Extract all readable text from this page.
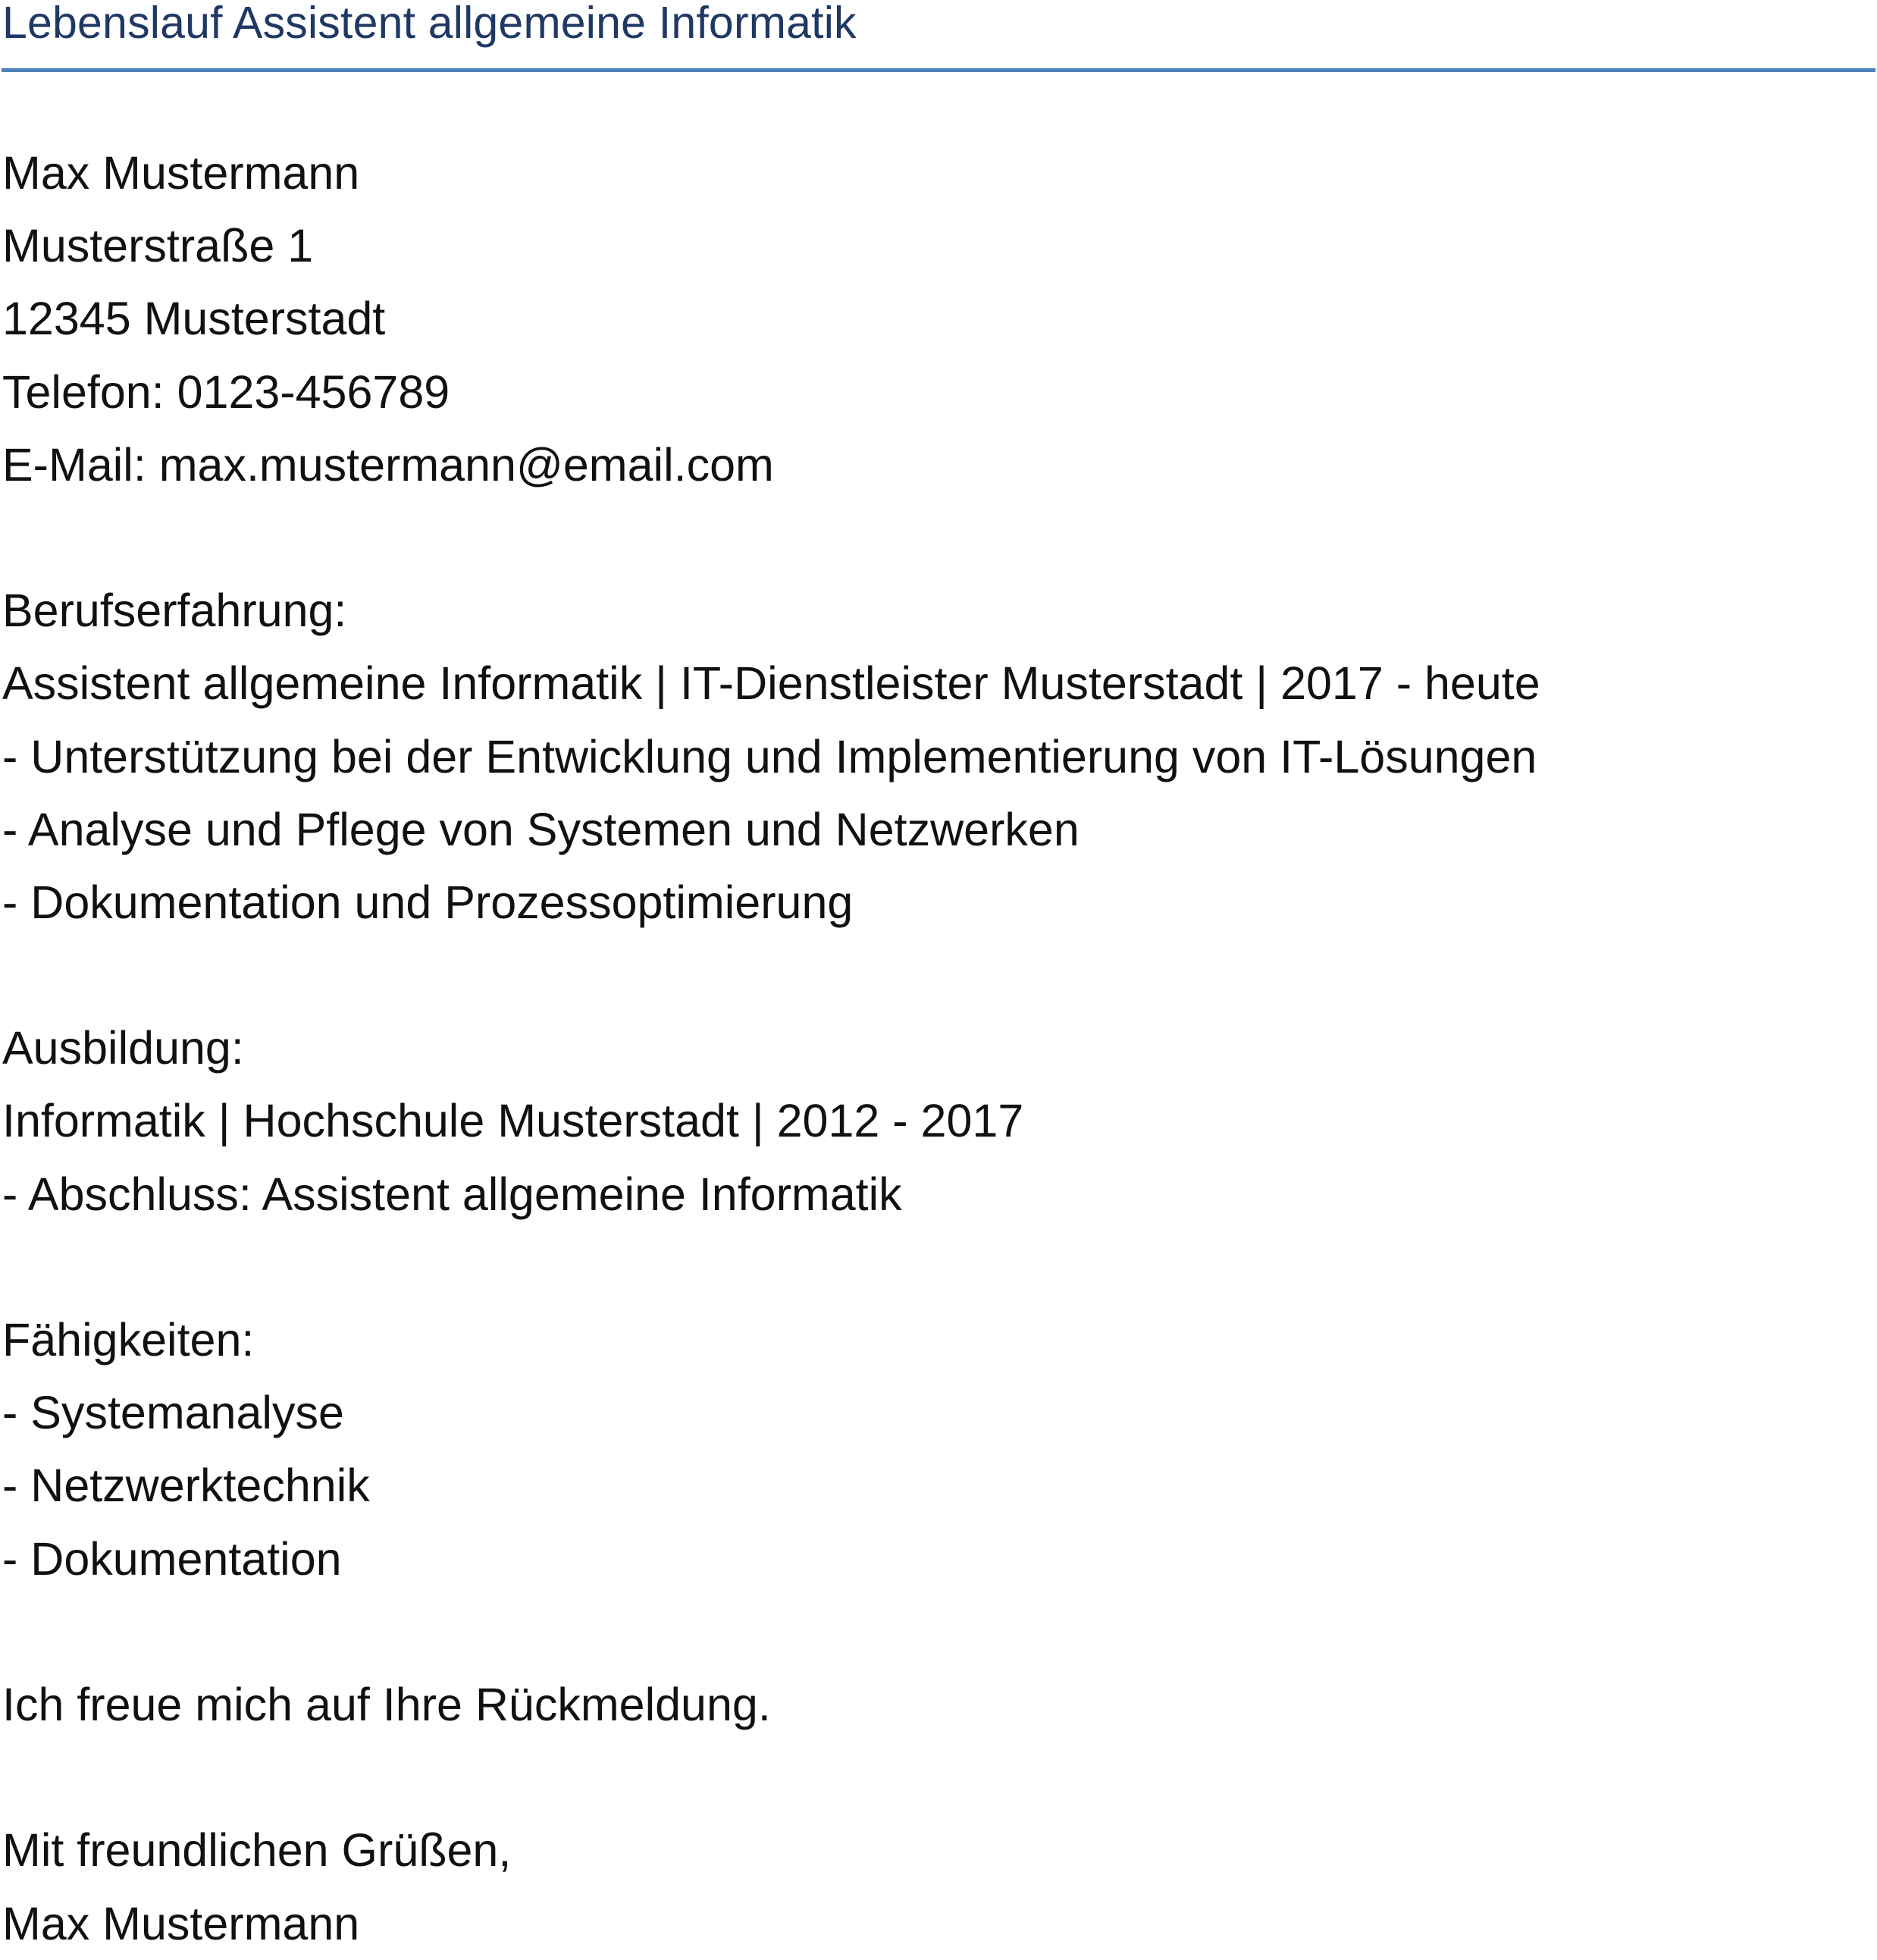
Lebenslauf Assistent allgemeine Informatik
Max Mustermann
Musterstraße 1
12345 Musterstadt
Telefon: 0123-456789
E-Mail: max.mustermann@email.com
Berufserfahrung:
Assistent allgemeine Informatik | IT-Dienstleister Musterstadt | 2017 - heute
- Unterstützung bei der Entwicklung und Implementierung von IT-Lösungen
- Analyse und Pflege von Systemen und Netzwerken
- Dokumentation und Prozessoptimierung
Ausbildung:
Informatik | Hochschule Musterstadt | 2012 - 2017
- Abschluss: Assistent allgemeine Informatik
Fähigkeiten:
- Systemanalyse
- Netzwerktechnik
- Dokumentation
Ich freue mich auf Ihre Rückmeldung.
Mit freundlichen Grüßen,
Max Mustermann
